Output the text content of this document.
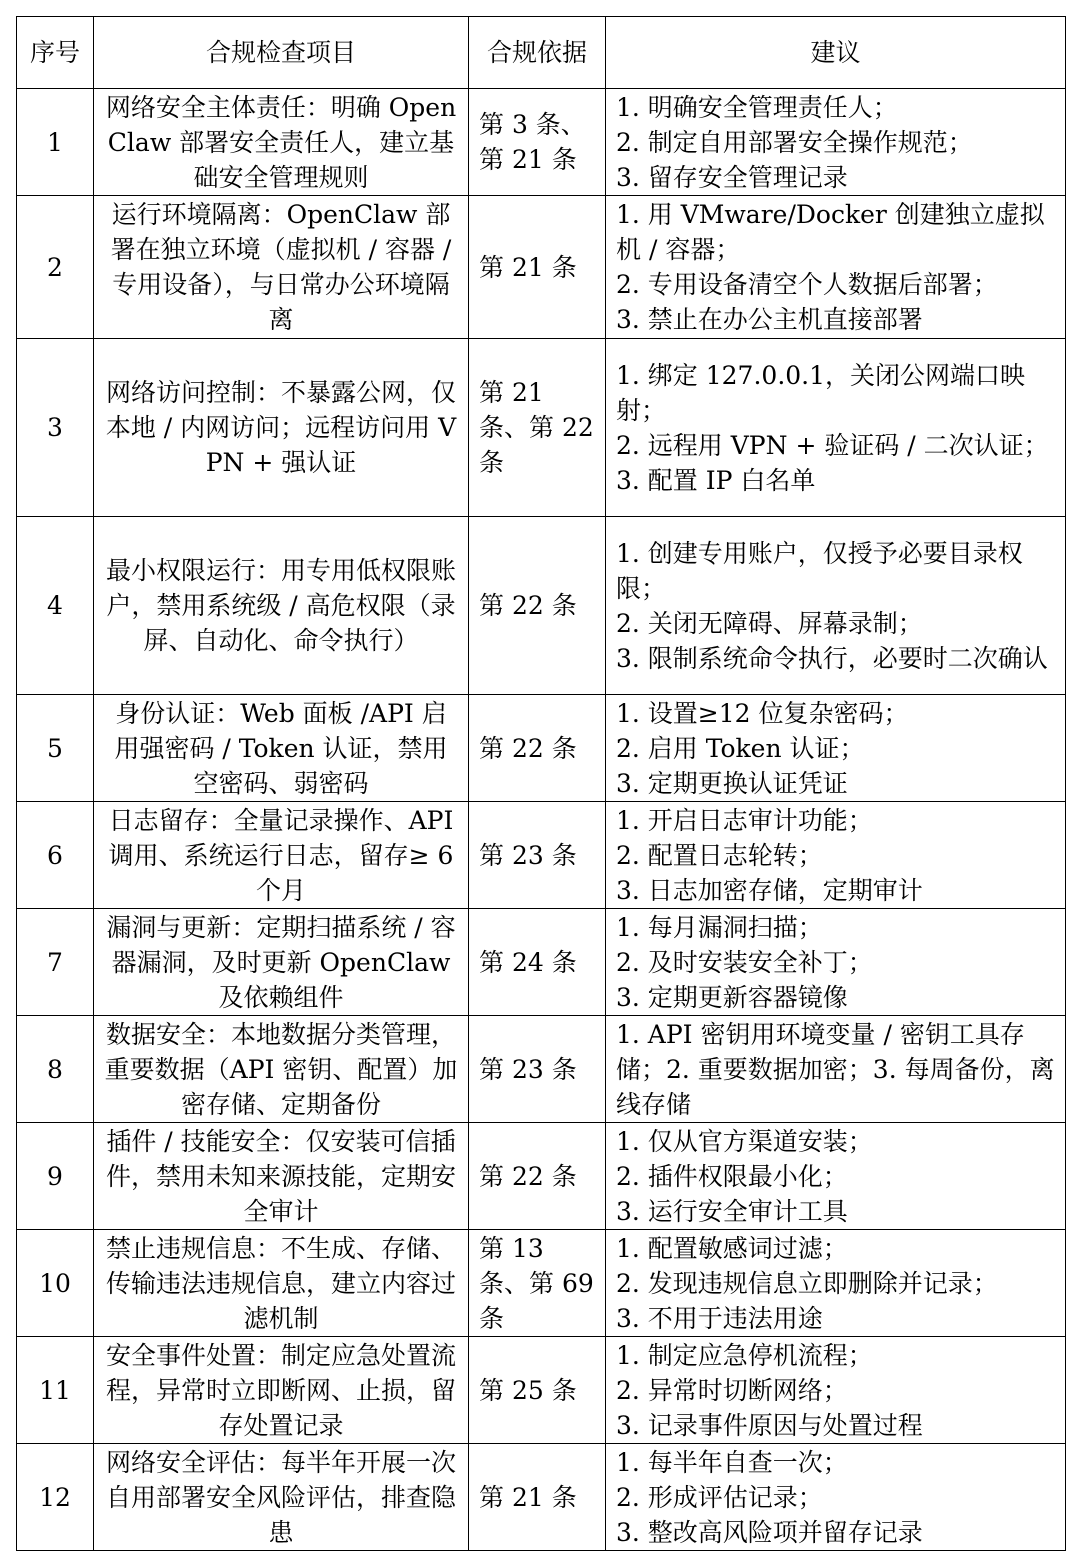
序号	合规检查项目	合规依据	建议
1	网络安全主体责任：明确 OpenClaw 部署安全责任人，建立基础安全管理规则	第 3 条、第 21 条	1. 明确安全管理责任人；
2. 制定自用部署安全操作规范；
3. 留存安全管理记录

2	运行环境隔离：OpenClaw 部署在独立环境（虚拟机 / 容器 / 专用设备），与日常办公环境隔离	第 21 条	1. 用 VMware/Docker 创建独立虚拟机 / 容器；
2. 专用设备清空个人数据后部署；
3. 禁止在办公主机直接部署

3	网络访问控制：不暴露公网，仅本地 / 内网访问；远程访问用 VPN + 强认证	第 21 条、第 22 条	1. 绑定 127.0.0.1，关闭公网端口映射；
2. 远程用 VPN + 验证码 / 二次认证；
3. 配置 IP 白名单

4	最小权限运行：用专用低权限账户，禁用系统级 / 高危权限（录屏、自动化、命令执行）	第 22 条	1. 创建专用账户，仅授予必要目录权限；
2. 关闭无障碍、屏幕录制；
3. 限制系统命令执行，必要时二次确认

5	身份认证：Web 面板 /API 启用强密码 / Token 认证，禁用空密码、弱密码	第 22 条	1. 设置≥12 位复杂密码；
2. 启用 Token 认证；
3. 定期更换认证凭证

6	日志留存：全量记录操作、API 调用、系统运行日志，留存≥ 6 个月	第 23 条	1. 开启日志审计功能；
2. 配置日志轮转；
3. 日志加密存储，定期审计

7	漏洞与更新：定期扫描系统 / 容器漏洞，及时更新 OpenClaw 及依赖组件	第 24 条	1. 每月漏洞扫描；
2. 及时安装安全补丁；
3. 定期更新容器镜像

8	数据安全：本地数据分类管理，重要数据（API 密钥、配置）加密存储、定期备份	第 23 条	1. API 密钥用环境变量 / 密钥工具存储；2. 重要数据加密；3. 每周备份，离线存储

9	插件 / 技能安全：仅安装可信插件，禁用未知来源技能，定期安全审计	第 22 条	1. 仅从官方渠道安装；
2. 插件权限最小化；
3. 运行安全审计工具

10	禁止违规信息：不生成、存储、传输违法违规信息，建立内容过滤机制	第 13 条、第 69 条	1. 配置敏感词过滤；
2. 发现违规信息立即删除并记录；
3. 不用于违法用途

11	安全事件处置：制定应急处置流程，异常时立即断网、止损，留存处置记录	第 25 条	1. 制定应急停机流程；
2. 异常时切断网络；
3. 记录事件原因与处置过程

12	网络安全评估：每半年开展一次自用部署安全风险评估，排查隐患	第 21 条	1. 每半年自查一次；
2. 形成评估记录；
3. 整改高风险项并留存记录
